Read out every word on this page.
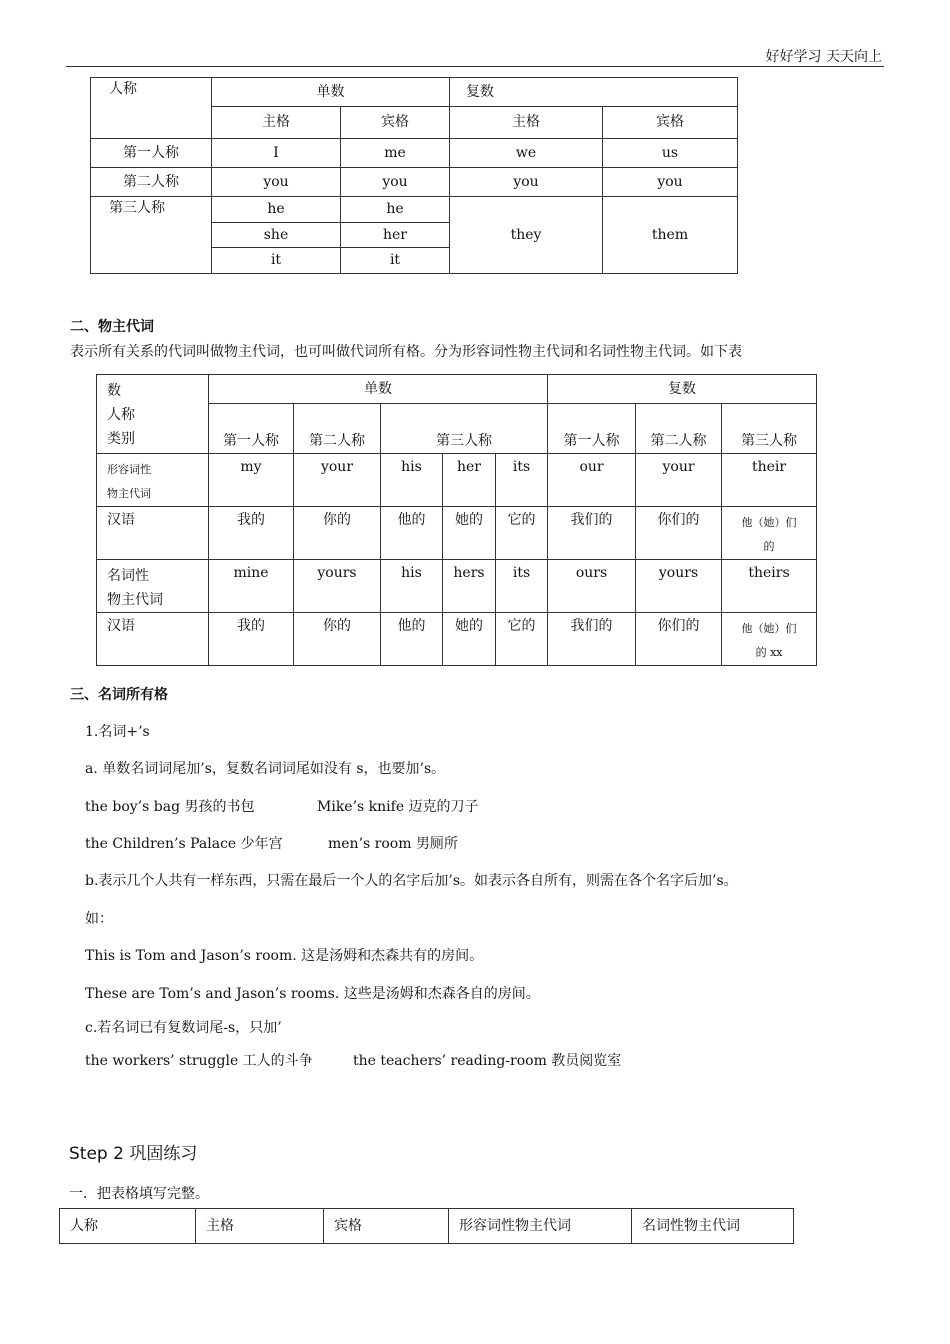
好好学习 天天向上
人称	单数		复数	
	主格	宾格	主格	宾格
第一人称	I	me	we	us
第二人称	you	you	you	you
第三人称	he	he	they	them
	she	her		
	it	it		
二、物主代词
表示所有关系的代词叫做物主代词，也可叫做代词所有格。分为形容词性物主代词和名词性物主代词。如下表
数
人称
类别	单数					复数		
	第一人称	第二人称	第三人称			第一人称	第二人称	第三人称

形容词性
物主代词	my	your	his	her	its	our	your	their
汉语	我的	你的	他的	她的	它的	我们的	你们的	他（她）们
的

名词性
物主代词	mine	yours	his	hers	its	ours	yours	theirs
汉语	我的	你的	他的	她的	它的	我们的	你们的	他（她）们
的 xx
三、名词所有格
1.名词+’s
a. 单数名词词尾加’s，复数名词词尾如没有 s，也要加’s。
the boy’s bag 男孩的书包	Mike’s knife 迈克的刀子
the Children’s Palace 少年宫	men’s room 男厕所
b.表示几个人共有一样东西，只需在最后一个人的名字后加’s。如表示各自所有，则需在各个名字后加’s。
如：
This is Tom and Jason’s room. 这是汤姆和杰森共有的房间。
These are Tom’s and Jason’s rooms. 这些是汤姆和杰森各自的房间。
c.若名词已有复数词尾-s，只加’
the workers’ struggle 工人的斗争	the teachers’ reading-room 教员阅览室
Step 2 巩固练习
一．把表格填写完整。
人称	主格	宾格	形容词性物主代词	名词性物主代词
